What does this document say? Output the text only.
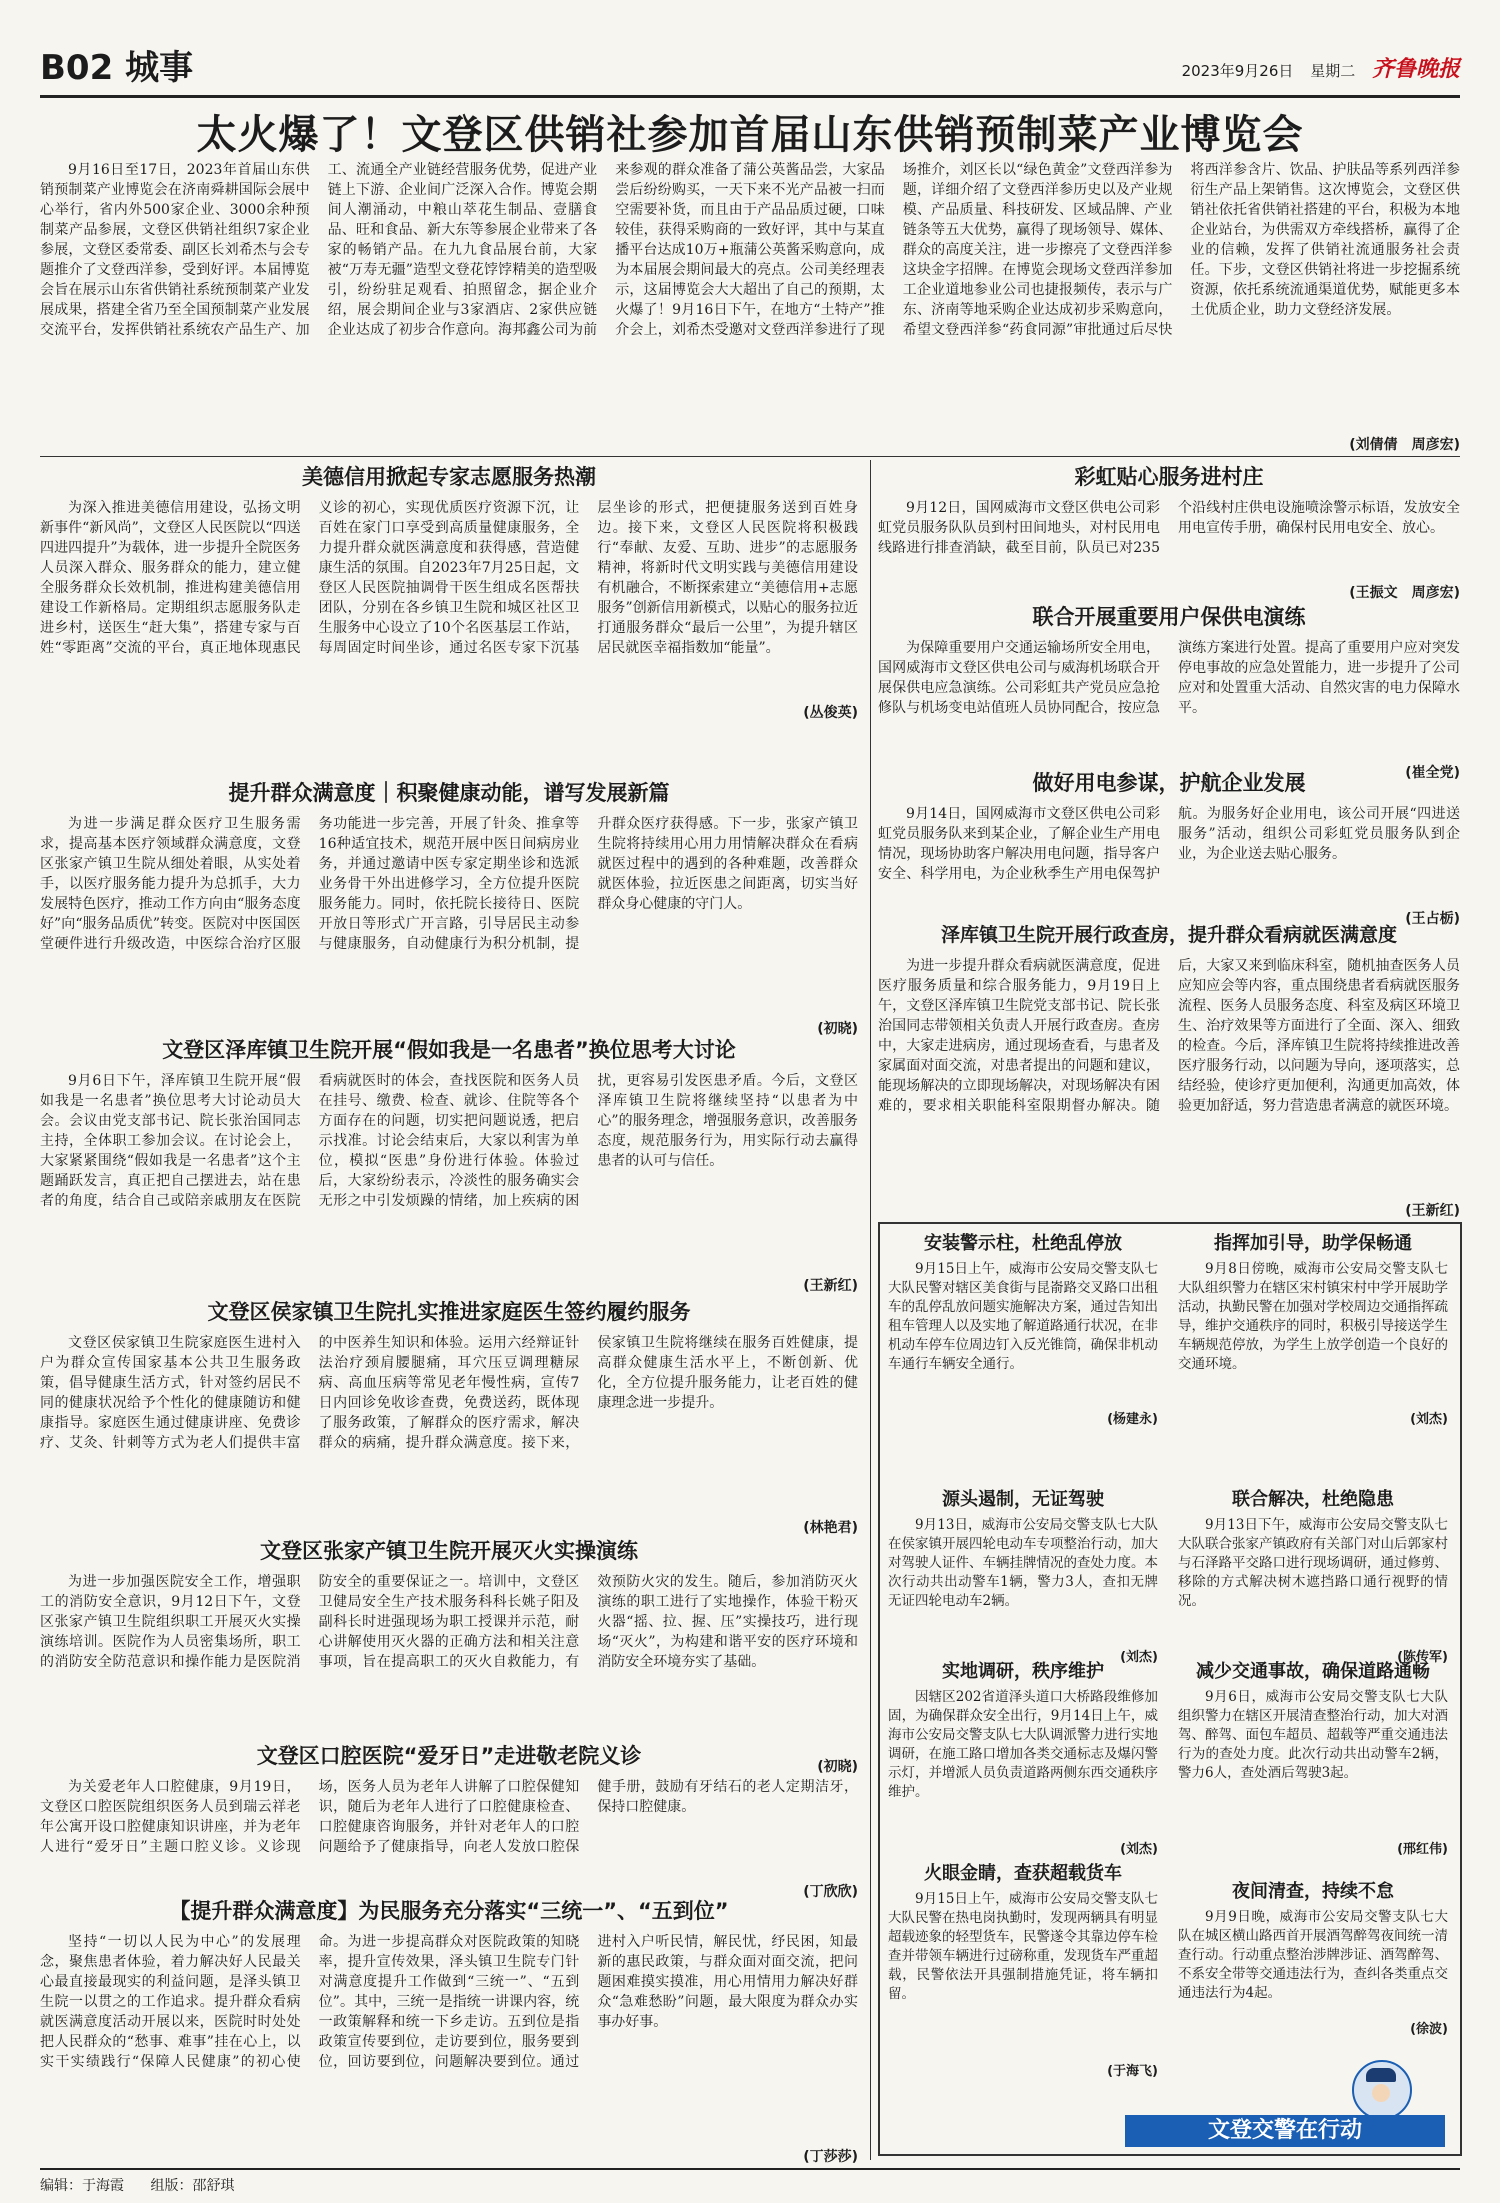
B02 城事	2023年9月26日 星期二 齐鲁晚报
太火爆了！文登区供销社参加首届山东供销预制菜产业博览会
9月16日至17日，2023年首届山东供销预制菜产业博览会在济南舜耕国际会展中心举行，省内外500家企业、3000余种预制菜产品参展，文登区供销社组织7家企业参展，文登区委常委、副区长刘希杰与会专题推介了文登西洋参，受到好评。本届博览会旨在展示山东省供销社系统预制菜产业发展成果，搭建全省乃至全国预制菜产业发展交流平台，发挥供销社系统农产品生产、加工、流通全产业链经营服务优势，促进产业链上下游、企业间广泛深入合作。博览会期间人潮涌动，中粮山萃花生制品、壹膳食品、旺和食品、新大东等参展企业带来了各家的畅销产品。在九九食品展台前，大家被“万寿无疆”造型文登花饽饽精美的造型吸引，纷纷驻足观看、拍照留念，据企业介绍，展会期间企业与3家酒店、2家供应链企业达成了初步合作意向。海邦鑫公司为前来参观的群众准备了蒲公英酱品尝，大家品尝后纷纷购买，一天下来不光产品被一扫而空需要补货，而且由于产品品质过硬，口味较佳，获得采购商的一致好评，其中与某直播平台达成10万+瓶蒲公英酱采购意向，成为本届展会期间最大的亮点。公司美经理表示，这届博览会大大超出了自己的预期，太火爆了！9月16日下午，在地方“土特产”推介会上，刘希杰受邀对文登西洋参进行了现场推介，刘区长以“绿色黄金”文登西洋参为题，详细介绍了文登西洋参历史以及产业规模、产品质量、科技研发、区域品牌、产业链条等五大优势，赢得了现场领导、媒体、群众的高度关注，进一步擦亮了文登西洋参这块金字招牌。在博览会现场文登西洋参加工企业道地参业公司也捷报频传，表示与广东、济南等地采购企业达成初步采购意向，希望文登西洋参“药食同源”审批通过后尽快将西洋参含片、饮品、护肤品等系列西洋参衍生产品上架销售。这次博览会，文登区供销社依托省供销社搭建的平台，积极为本地企业站台，为供需双方牵线搭桥，赢得了企业的信赖，发挥了供销社流通服务社会责任。下步，文登区供销社将进一步挖掘系统资源，依托系统流通渠道优势，赋能更多本土优质企业，助力文登经济发展。
(刘倩倩　周彦宏)
美德信用掀起专家志愿服务热潮
为深入推进美德信用建设，弘扬文明新事件“新风尚”，文登区人民医院以“四送四进四提升”为载体，进一步提升全院医务人员深入群众、服务群众的能力，建立健全服务群众长效机制，推进构建美德信用建设工作新格局。定期组织志愿服务队走进乡村，送医生“赶大集”，搭建专家与百姓“零距离”交流的平台，真正地体现惠民义诊的初心，实现优质医疗资源下沉，让百姓在家门口享受到高质量健康服务，全力提升群众就医满意度和获得感，营造健康生活的氛围。自2023年7月25日起，文登区人民医院抽调骨干医生组成名医帮扶团队，分别在各乡镇卫生院和城区社区卫生服务中心设立了10个名医基层工作站，每周固定时间坐诊，通过名医专家下沉基层坐诊的形式，把便捷服务送到百姓身边。接下来，文登区人民医院将积极践行“奉献、友爱、互助、进步”的志愿服务精神，将新时代文明实践与美德信用建设有机融合，不断探索建立“美德信用+志愿服务”创新信用新模式，以贴心的服务拉近打通服务群众“最后一公里”，为提升辖区居民就医幸福指数加“能量”。
(丛俊英)
提升群众满意度｜积聚健康动能，谱写发展新篇
为进一步满足群众医疗卫生服务需求，提高基本医疗领域群众满意度，文登区张家产镇卫生院从细处着眼，从实处着手，以医疗服务能力提升为总抓手，大力发展特色医疗，推动工作方向由“服务态度好”向“服务品质优”转变。医院对中医国医堂硬件进行升级改造，中医综合治疗区服务功能进一步完善，开展了针灸、推拿等16种适宜技术，规范开展中医日间病房业务，并通过邀请中医专家定期坐诊和选派业务骨干外出进修学习，全方位提升医院服务能力。同时，依托院长接待日、医院开放日等形式广开言路，引导居民主动参与健康服务，自动健康行为积分机制，提升群众医疗获得感。下一步，张家产镇卫生院将持续用心用力用情解决群众在看病就医过程中的遇到的各种难题，改善群众就医体验，拉近医患之间距离，切实当好群众身心健康的守门人。
(初晓)
文登区泽库镇卫生院开展“假如我是一名患者”换位思考大讨论
9月6日下午，泽库镇卫生院开展“假如我是一名患者”换位思考大讨论动员大会。会议由党支部书记、院长张治国同志主持，全体职工参加会议。在讨论会上，大家紧紧围绕“假如我是一名患者”这个主题踊跃发言，真正把自己摆进去，站在患者的角度，结合自己或陪亲戚朋友在医院看病就医时的体会，查找医院和医务人员在挂号、缴费、检查、就诊、住院等各个方面存在的问题，切实把问题说透，把启示找准。讨论会结束后，大家以利害为单位，模拟“医患”身份进行体验。体验过后，大家纷纷表示，冷淡性的服务确实会无形之中引发烦躁的情绪，加上疾病的困扰，更容易引发医患矛盾。今后，文登区泽库镇卫生院将继续坚持“以患者为中心”的服务理念，增强服务意识，改善服务态度，规范服务行为，用实际行动去赢得患者的认可与信任。
(王新红)
文登区侯家镇卫生院扎实推进家庭医生签约履约服务
文登区侯家镇卫生院家庭医生进村入户为群众宣传国家基本公共卫生服务政策，倡导健康生活方式，针对签约居民不同的健康状况给予个性化的健康随访和健康指导。家庭医生通过健康讲座、免费诊疗、艾灸、针刺等方式为老人们提供丰富的中医养生知识和体验。运用六经辩证针法治疗颈肩腰腿痛，耳穴压豆调理糖尿病、高血压病等常见老年慢性病，宣传7日内回诊免收诊查费，免费送药，既体现了服务政策，了解群众的医疗需求，解决群众的病痛，提升群众满意度。接下来，侯家镇卫生院将继续在服务百姓健康，提高群众健康生活水平上，不断创新、优化，全方位提升服务能力，让老百姓的健康理念进一步提升。
(林艳君)
文登区张家产镇卫生院开展灭火实操演练
为进一步加强医院安全工作，增强职工的消防安全意识，9月12日下午，文登区张家产镇卫生院组织职工开展灭火实操演练培训。医院作为人员密集场所，职工的消防安全防范意识和操作能力是医院消防安全的重要保证之一。培训中，文登区卫健局安全生产技术服务科科长姚子阳及副科长时进强现场为职工授课并示范，耐心讲解使用灭火器的正确方法和相关注意事项，旨在提高职工的灭火自救能力，有效预防火灾的发生。随后，参加消防灭火演练的职工进行了实地操作，体验干粉灭火器“摇、拉、握、压”实操技巧，进行现场“灭火”，为构建和谐平安的医疗环境和消防安全环境夯实了基础。
(初晓)
文登区口腔医院“爱牙日”走进敬老院义诊
为关爱老年人口腔健康，9月19日，文登区口腔医院组织医务人员到瑞云祥老年公寓开设口腔健康知识讲座，并为老年人进行“爱牙日”主题口腔义诊。义诊现场，医务人员为老年人讲解了口腔保健知识，随后为老年人进行了口腔健康检查、口腔健康咨询服务，并针对老年人的口腔问题给予了健康指导，向老人发放口腔保健手册，鼓励有牙结石的老人定期洁牙，保持口腔健康。
(丁欣欣)
【提升群众满意度】为民服务充分落实“三统一”、“五到位”
坚持“一切以人民为中心”的发展理念，聚焦患者体验，着力解决好人民最关心最直接最现实的利益问题，是泽头镇卫生院一以贯之的工作追求。提升群众看病就医满意度活动开展以来，医院时时处处把人民群众的“愁事、难事”挂在心上，以实干实绩践行“保障人民健康”的初心使命。为进一步提高群众对医院政策的知晓率，提升宣传效果，泽头镇卫生院专门针对满意度提升工作做到“三统一”、“五到位”。其中，三统一是指统一讲课内容，统一政策解释和统一下乡走访。五到位是指政策宣传要到位，走访要到位，服务要到位，回访要到位，问题解决要到位。通过进村入户听民情，解民忧，纾民困，知最新的惠民政策，与群众面对面交流，把问题困难摸实摸准，用心用情用力解决好群众“急难愁盼”问题，最大限度为群众办实事办好事。
(丁莎莎)
彩虹贴心服务进村庄
9月12日，国网威海市文登区供电公司彩虹党员服务队队员到村田间地头，对村民用电线路进行排查消缺，截至目前，队员已对235个沿线村庄供电设施喷涂警示标语，发放安全用电宣传手册，确保村民用电安全、放心。
(王振文　周彦宏)
联合开展重要用户保供电演练
为保障重要用户交通运输场所安全用电，国网威海市文登区供电公司与威海机场联合开展保供电应急演练。公司彩虹共产党员应急抢修队与机场变电站值班人员协同配合，按应急演练方案进行处置。提高了重要用户应对突发停电事故的应急处置能力，进一步提升了公司应对和处置重大活动、自然灾害的电力保障水平。
(崔全党)
做好用电参谋，护航企业发展
9月14日，国网威海市文登区供电公司彩虹党员服务队来到某企业，了解企业生产用电情况，现场协助客户解决用电问题，指导客户安全、科学用电，为企业秋季生产用电保驾护航。为服务好企业用电，该公司开展“四进送服务”活动，组织公司彩虹党员服务队到企业，为企业送去贴心服务。
(王占栃)
泽库镇卫生院开展行政查房，提升群众看病就医满意度
为进一步提升群众看病就医满意度，促进医疗服务质量和综合服务能力，9月19日上午，文登区泽库镇卫生院党支部书记、院长张治国同志带领相关负责人开展行政查房。查房中，大家走进病房，通过现场查看，与患者及家属面对面交流，对患者提出的问题和建议，能现场解决的立即现场解决，对现场解决有困难的，要求相关职能科室限期督办解决。随后，大家又来到临床科室，随机抽查医务人员应知应会等内容，重点围绕患者看病就医服务流程、医务人员服务态度、科室及病区环境卫生、治疗效果等方面进行了全面、深入、细致的检查。今后，泽库镇卫生院将持续推进改善医疗服务行动，以问题为导向，逐项落实，总结经验，使诊疗更加便利，沟通更加高效，体验更加舒适，努力营造患者满意的就医环境。
(王新红)
安装警示柱，杜绝乱停放
9月15日上午，威海市公安局交警支队七大队民警对辖区美食街与昆嵛路交叉路口出租车的乱停乱放问题实施解决方案，通过告知出租车管理人以及实地了解道路通行状况，在非机动车停车位周边钉入反光锥筒，确保非机动车通行车辆安全通行。
(杨建永)
指挥加引导，助学保畅通
9月8日傍晚，威海市公安局交警支队七大队组织警力在辖区宋村镇宋村中学开展助学活动，执勤民警在加强对学校周边交通指挥疏导，维护交通秩序的同时，积极引导接送学生车辆规范停放，为学生上放学创造一个良好的交通环境。
(刘杰)
源头遏制，无证驾驶
9月13日，威海市公安局交警支队七大队在侯家镇开展四轮电动车专项整治行动，加大对驾驶人证件、车辆挂牌情况的查处力度。本次行动共出动警车1辆，警力3人，查扣无牌无证四轮电动车2辆。
(刘杰)
联合解决，杜绝隐患
9月13日下午，威海市公安局交警支队七大队联合张家产镇政府有关部门对山后郭家村与石泽路平交路口进行现场调研，通过修剪、移除的方式解决树木遮挡路口通行视野的情况。
(陈传军)
实地调研，秩序维护
因辖区202省道泽头道口大桥路段维修加固，为确保群众安全出行，9月14日上午，威海市公安局交警支队七大队调派警力进行实地调研，在施工路口增加各类交通标志及爆闪警示灯，并增派人员负责道路两侧东西交通秩序维护。
(刘杰)
减少交通事故，确保道路通畅
9月6日，威海市公安局交警支队七大队组织警力在辖区开展清查整治行动，加大对酒驾、醉驾、面包车超员、超载等严重交通违法行为的查处力度。此次行动共出动警车2辆，警力6人，查处酒后驾驶3起。
(邢红伟)
火眼金睛，查获超载货车
9月15日上午，威海市公安局交警支队七大队民警在热电岗执勤时，发现两辆具有明显超载迹象的轻型货车，民警遂令其靠边停车检查并带领车辆进行过磅称重，发现货车严重超载，民警依法开具强制措施凭证，将车辆扣留。
(于海飞)
夜间清查，持续不怠
9月9日晚，威海市公安局交警支队七大队在城区横山路西首开展酒驾醉驾夜间统一清查行动。行动重点整治涉牌涉证、酒驾醉驾、不系安全带等交通违法行为，查纠各类重点交通违法行为4起。
(徐波)
文登交警在行动
编辑：于海霞 组版：邵舒琪
